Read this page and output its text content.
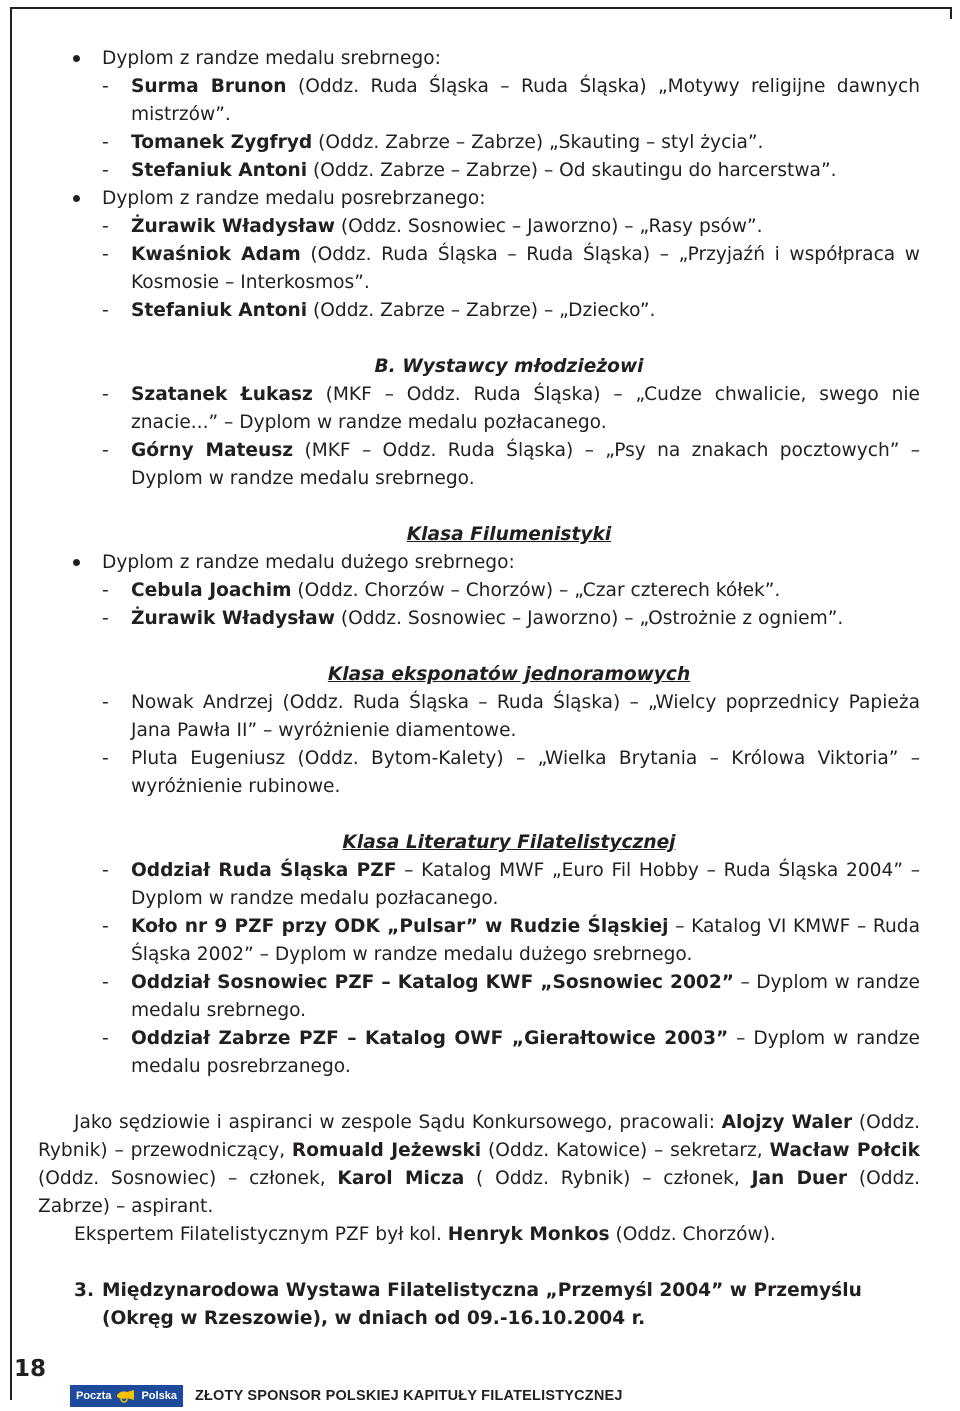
Dyplom z randze medalu srebrnego:
- Surma Brunon (Oddz. Ruda Śląska – Ruda Śląska) „Motywy religijne dawnych mistrzów”.
- Tomanek Zygfryd (Oddz. Zabrze – Zabrze) „Skauting – styl życia”.
- Stefaniuk Antoni (Oddz. Zabrze – Zabrze) – Od skautingu do harcerstwa”.
Dyplom z randze medalu posrebrzanego:
- Żurawik Władysław (Oddz. Sosnowiec – Jaworzno) – „Rasy psów”.
- Kwaśniok Adam (Oddz. Ruda Śląska – Ruda Śląska) – „Przyjaźń i współpraca w Kosmosie – Interkosmos”.
- Stefaniuk Antoni (Oddz. Zabrze – Zabrze) – „Dziecko”.
B. Wystawcy młodzieżowi
- Szatanek Łukasz (MKF – Oddz. Ruda Śląska) – „Cudze chwalicie, swego nie znacie...” – Dyplom w randze medalu pozłacanego.
- Górny Mateusz (MKF – Oddz. Ruda Śląska) – „Psy na znakach pocztowych” – Dyplom w randze medalu srebrnego.
Klasa Filumenistyki
Dyplom z randze medalu dużego srebrnego:
- Cebula Joachim (Oddz. Chorzów – Chorzów) – „Czar czterech kółek”.
- Żurawik Władysław (Oddz. Sosnowiec – Jaworzno) – „Ostrożnie z ogniem”.
Klasa eksponatów jednoramowych
- Nowak Andrzej (Oddz. Ruda Śląska – Ruda Śląska) – „Wielcy poprzednicy Papieża Jana Pawła II” – wyróżnienie diamentowe.
- Pluta Eugeniusz (Oddz. Bytom-Kalety) – „Wielka Brytania – Królowa Viktoria” – wyróżnienie rubinowe.
Klasa Literatury Filatelistycznej
- Oddział Ruda Śląska PZF – Katalog MWF „Euro Fil Hobby – Ruda Śląska 2004” – Dyplom w randze medalu pozłacanego.
- Koło nr 9 PZF przy ODK „Pulsar” w Rudzie Śląskiej – Katalog VI KMWF – Ruda Śląska 2002” – Dyplom w randze medalu dużego srebrnego.
- Oddział Sosnowiec PZF – Katalog KWF „Sosnowiec 2002” – Dyplom w randze medalu srebrnego.
- Oddział Zabrze PZF – Katalog OWF „Gierałtowice 2003” – Dyplom w randze medalu posrebrzanego.
Jako sędziowie i aspiranci w zespole Sądu Konkursowego, pracowali: Alojzy Waler (Oddz. Rybnik) – przewodniczący, Romuald Jeżewski (Oddz. Katowice) – sekretarz, Wacław Połcik (Oddz. Sosnowiec) – członek, Karol Micza ( Oddz. Rybnik) – członek, Jan Duer (Oddz. Zabrze) – aspirant.
Ekspertem Filatelistycznym PZF był kol. Henryk Monkos (Oddz. Chorzów).
3. Międzynarodowa Wystawa Filatelistyczna „Przemyśl 2004” w Przemyślu (Okręg w Rzeszowie), w dniach od 09.-16.10.2004 r.
18
Poczta	Polska ZŁOTY SPONSOR POLSKIEJ KAPITUŁY FILATELISTYCZNEJ
